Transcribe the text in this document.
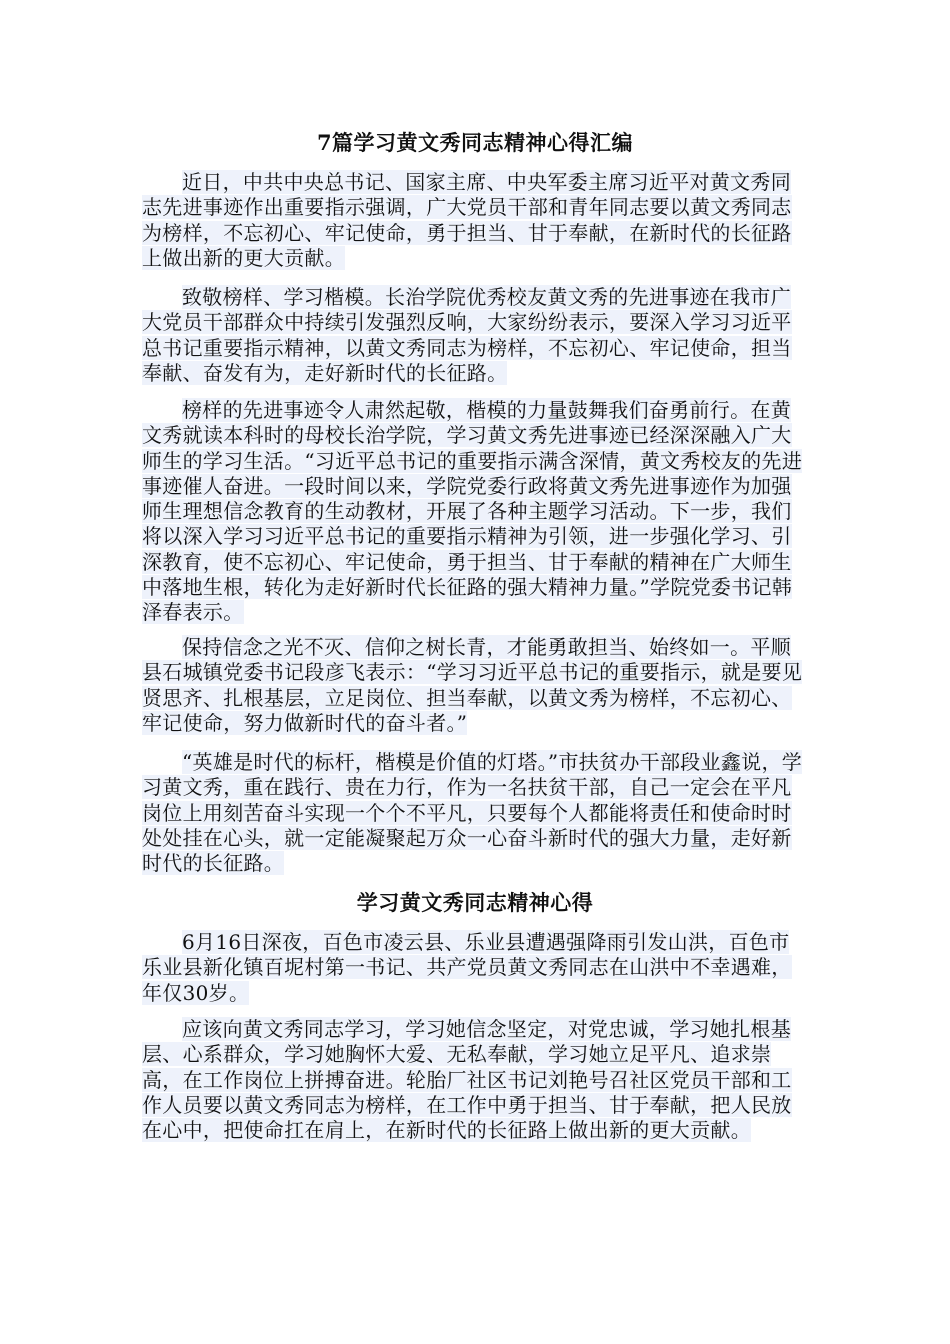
7篇学习黄文秀同志精神心得汇编

近日，中共中央总书记、国家主席、中央军委主席习近平对黄文秀同志先进事迹作出重要指示强调，广大党员干部和青年同志要以黄文秀同志为榜样，不忘初心、牢记使命，勇于担当、甘于奉献，在新时代的长征路上做出新的更大贡献。

致敬榜样、学习楷模。长治学院优秀校友黄文秀的先进事迹在我市广大党员干部群众中持续引发强烈反响，大家纷纷表示，要深入学习习近平总书记重要指示精神，以黄文秀同志为榜样，不忘初心、牢记使命，担当奉献、奋发有为，走好新时代的长征路。

榜样的先进事迹令人肃然起敬，楷模的力量鼓舞我们奋勇前行。在黄文秀就读本科时的母校长治学院，学习黄文秀先进事迹已经深深融入广大师生的学习生活。“习近平总书记的重要指示满含深情，黄文秀校友的先进事迹催人奋进。一段时间以来，学院党委行政将黄文秀先进事迹作为加强师生理想信念教育的生动教材，开展了各种主题学习活动。下一步，我们将以深入学习习近平总书记的重要指示精神为引领，进一步强化学习、引深教育，使不忘初心、牢记使命，勇于担当、甘于奉献的精神在广大师生中落地生根，转化为走好新时代长征路的强大精神力量。”学院党委书记韩泽春表示。

保持信念之光不灭、信仰之树长青，才能勇敢担当、始终如一。平顺县石城镇党委书记段彦飞表示：“学习习近平总书记的重要指示，就是要见贤思齐、扎根基层，立足岗位、担当奉献，以黄文秀为榜样，不忘初心、牢记使命，努力做新时代的奋斗者。”

“英雄是时代的标杆，楷模是价值的灯塔。”市扶贫办干部段业鑫说，学习黄文秀，重在践行、贵在力行，作为一名扶贫干部，自己一定会在平凡岗位上用刻苦奋斗实现一个个不平凡，只要每个人都能将责任和使命时时处处挂在心头，就一定能凝聚起万众一心奋斗新时代的强大力量，走好新时代的长征路。

学习黄文秀同志精神心得

6月16日深夜，百色市凌云县、乐业县遭遇强降雨引发山洪，百色市乐业县新化镇百坭村第一书记、共产党员黄文秀同志在山洪中不幸遇难，年仅30岁。

应该向黄文秀同志学习，学习她信念坚定，对党忠诚，学习她扎根基层、心系群众，学习她胸怀大爱、无私奉献，学习她立足平凡、追求崇高，在工作岗位上拼搏奋进。轮胎厂社区书记刘艳号召社区党员干部和工作人员要以黄文秀同志为榜样，在工作中勇于担当、甘于奉献，把人民放在心中，把使命扛在肩上，在新时代的长征路上做出新的更大贡献。
